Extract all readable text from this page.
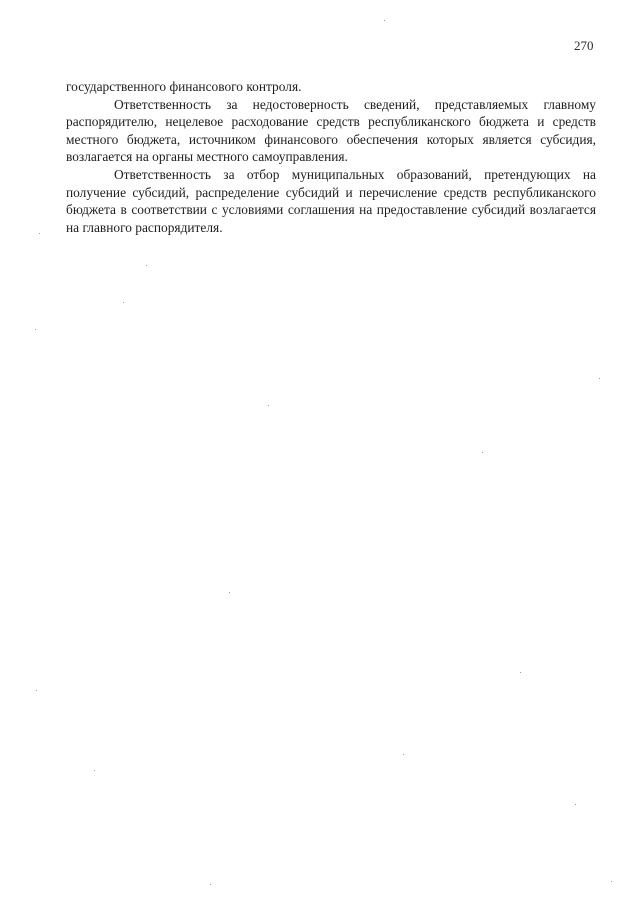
270

государственного финансового контроля.

Ответственность за недостоверность сведений, представляемых главному распорядителю, нецелевое расходование средств республиканского бюджета и средств местного бюджета, источником финансового обеспечения которых является субсидия, возлагается на органы местного самоуправления.

Ответственность за отбор муниципальных образований, претендующих на получение субсидий, распределение субсидий и перечисление средств республиканского бюджета в соответствии с условиями соглашения на предоставление субсидий возлагается на главного распорядителя.
